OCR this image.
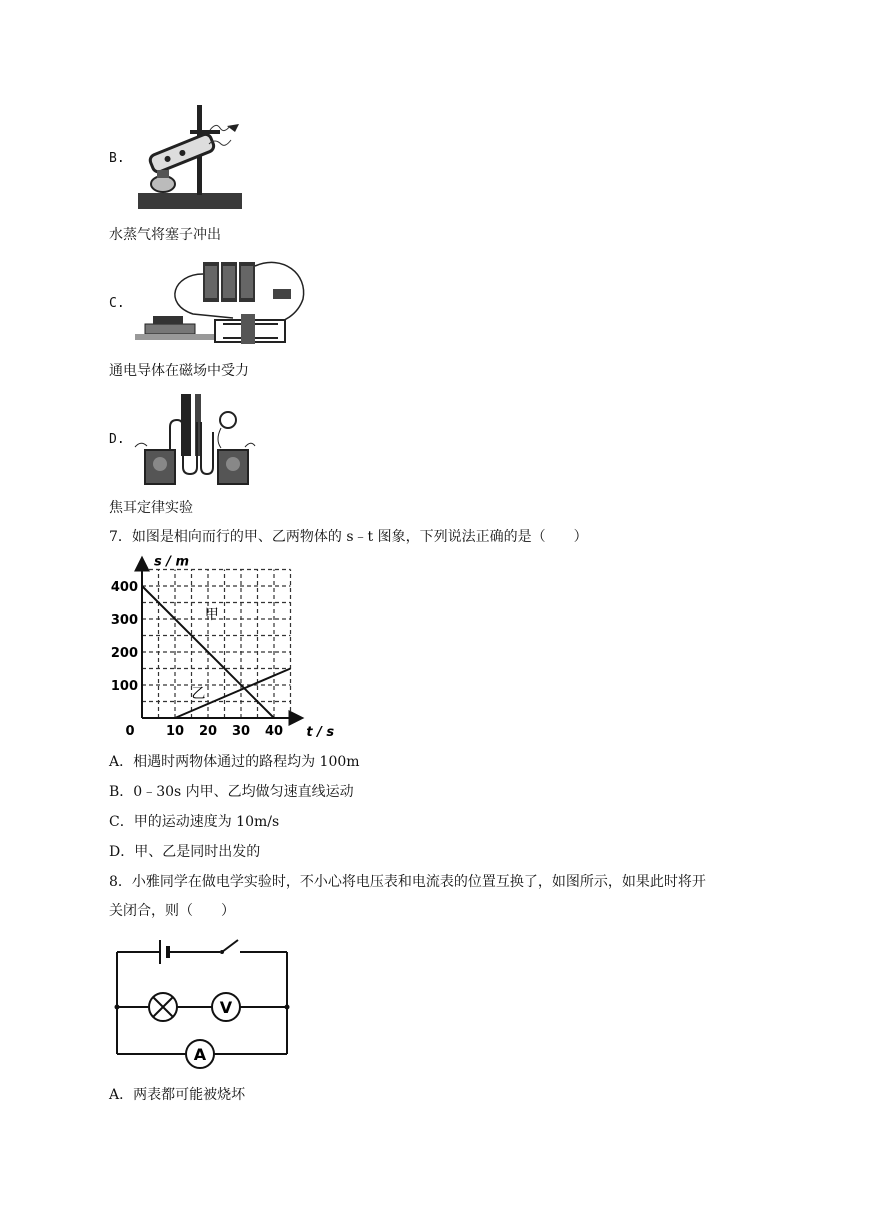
B.
水蒸气将塞子冲出
C.
通电导体在磁场中受力
D.
焦耳定律实验
7．如图是相向而行的甲、乙两物体的 s﹣t 图象，下列说法正确的是（　　）
400
300
200
100
0 10 20 30 40
s / m
t / s
甲
乙
A．相遇时两物体通过的路程均为 100m
B．0﹣30s 内甲、乙均做匀速直线运动
C．甲的运动速度为 10m/s
D．甲、乙是同时出发的
8．小雅同学在做电学实验时，不小心将电压表和电流表的位置互换了，如图所示，如果此时将开
关闭合，则（　　）
V
A
A．两表都可能被烧坏
